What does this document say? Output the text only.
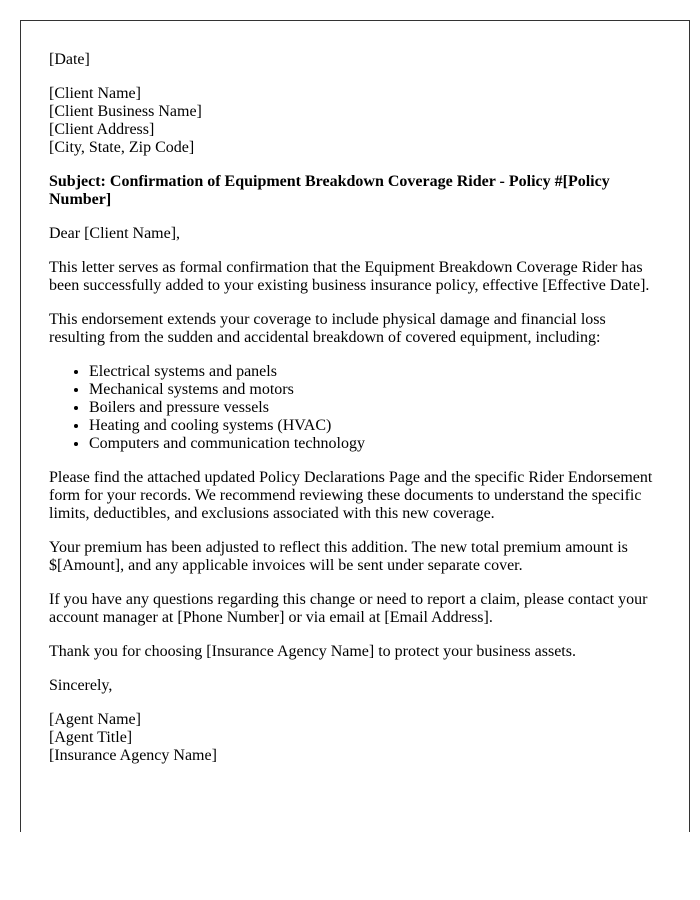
[Date]

[Client Name]
[Client Business Name]
[Client Address]
[City, State, Zip Code]

Subject: Confirmation of Equipment Breakdown Coverage Rider - Policy #[Policy Number]

Dear [Client Name],

This letter serves as formal confirmation that the Equipment Breakdown Coverage Rider has been successfully added to your existing business insurance policy, effective [Effective Date].

This endorsement extends your coverage to include physical damage and financial loss resulting from the sudden and accidental breakdown of covered equipment, including:

• Electrical systems and panels
• Mechanical systems and motors
• Boilers and pressure vessels
• Heating and cooling systems (HVAC)
• Computers and communication technology

Please find the attached updated Policy Declarations Page and the specific Rider Endorsement form for your records. We recommend reviewing these documents to understand the specific limits, deductibles, and exclusions associated with this new coverage.

Your premium has been adjusted to reflect this addition. The new total premium amount is $[Amount], and any applicable invoices will be sent under separate cover.

If you have any questions regarding this change or need to report a claim, please contact your account manager at [Phone Number] or via email at [Email Address].

Thank you for choosing [Insurance Agency Name] to protect your business assets.

Sincerely,

[Agent Name]
[Agent Title]
[Insurance Agency Name]
